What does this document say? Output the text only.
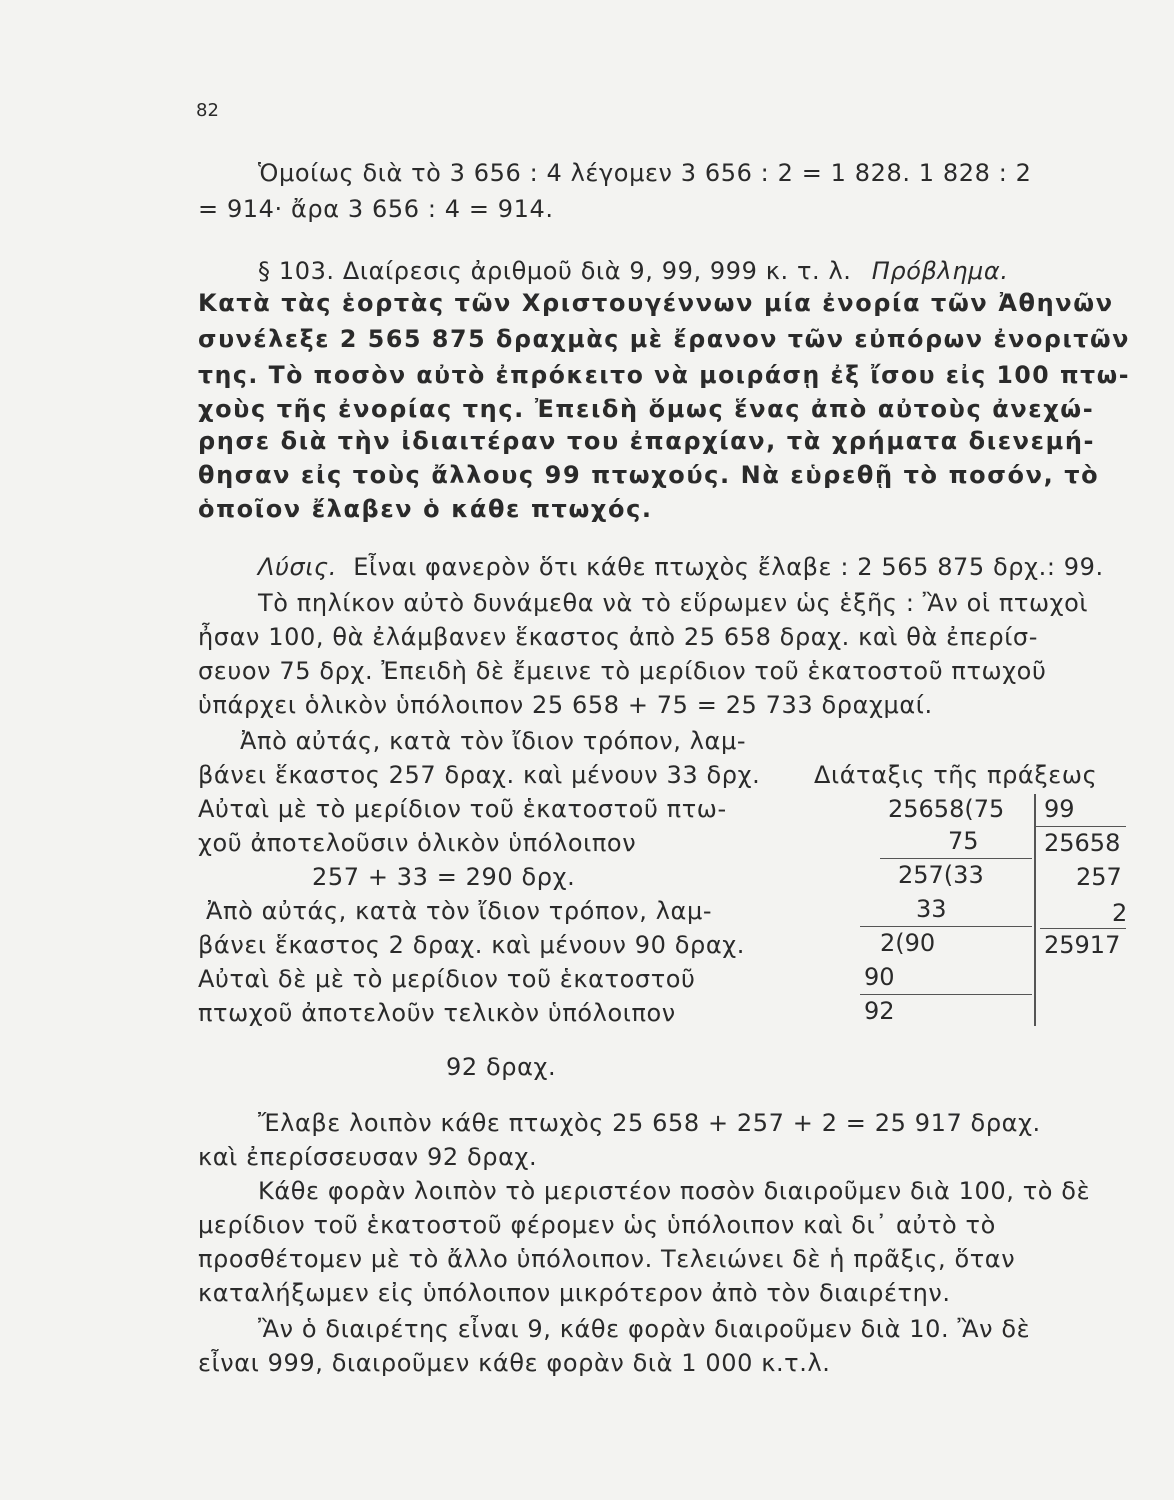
82
Ὁμοίως διὰ τὸ 3 656 : 4 λέγομεν 3 656 : 2 = 1 828. 1 828 : 2
= 914· ἄρα 3 656 : 4 = 914.
§ 103. Διαίρεσις ἀριθμοῦ διὰ 9, 99, 999 κ. τ. λ. Πρόβλημα.
Κατὰ τὰς ἑορτὰς τῶν Χριστουγέννων μία ἐνορία τῶν Ἀθηνῶν
συνέλεξε 2 565 875 δραχμὰς μὲ ἔρανον τῶν εὐπόρων ἐνοριτῶν
της. Τὸ ποσὸν αὐτὸ ἐπρόκειτο νὰ μοιράσῃ ἐξ ἴσου εἰς 100 πτω-
χοὺς τῆς ἐνορίας της. Ἐπειδὴ ὅμως ἕνας ἀπὸ αὐτοὺς ἀνεχώ-
ρησε διὰ τὴν ἰδιαιτέραν του ἐπαρχίαν, τὰ χρήματα διενεμή-
θησαν εἰς τοὺς ἄλλους 99 πτωχούς. Νὰ εὑρεθῇ τὸ ποσόν, τὸ
ὁποῖον ἔλαβεν ὁ κάθε πτωχός.
Λύσις. Εἶναι φανερὸν ὅτι κάθε πτωχὸς ἔλαβε : 2 565 875 δρχ.: 99.
Τὸ πηλίκον αὐτὸ δυνάμεθα νὰ τὸ εὕρωμεν ὡς ἑξῆς : Ἂν οἱ πτωχοὶ
ἦσαν 100, θὰ ἐλάμβανεν ἕκαστος ἀπὸ 25 658 δραχ. καὶ θὰ ἐπερίσ-
σευον 75 δρχ. Ἐπειδὴ δὲ ἔμεινε τὸ μερίδιον τοῦ ἑκατοστοῦ πτωχοῦ
ὑπάρχει ὁλικὸν ὑπόλοιπον 25 658 + 75 = 25 733 δραχμαί.
Ἀπὸ αὐτάς, κατὰ τὸν ἴδιον τρόπον, λαμ-
βάνει ἕκαστος 257 δραχ. καὶ μένουν 33 δρχ. Διάταξις τῆς πράξεως
Αὐταὶ μὲ τὸ μερίδιον τοῦ ἑκατοστοῦ πτω-
χοῦ ἀποτελοῦσιν ὁλικὸν ὑπόλοιπον
257 + 33 = 290 δρχ.
Ἀπὸ αὐτάς, κατὰ τὸν ἴδιον τρόπον, λαμ-
βάνει ἕκαστος 2 δραχ. καὶ μένουν 90 δραχ.
Αὐταὶ δὲ μὲ τὸ μερίδιον τοῦ ἑκατοστοῦ
πτωχοῦ ἀποτελοῦν τελικὸν ὑπόλοιπον
92 δραχ.
25658(75
75
257(33
33
2(90
90
92
99
25658
257
2
25917
Ἔλαβε λοιπὸν κάθε πτωχὸς 25 658 + 257 + 2 = 25 917 δραχ.
καὶ ἐπερίσσευσαν 92 δραχ.
Κάθε φορὰν λοιπὸν τὸ μεριστέον ποσὸν διαιροῦμεν διὰ 100, τὸ δὲ
μερίδιον τοῦ ἑκατοστοῦ φέρομεν ὡς ὑπόλοιπον καὶ δι᾽ αὐτὸ τὸ
προσθέτομεν μὲ τὸ ἄλλο ὑπόλοιπον. Τελειώνει δὲ ἡ πρᾶξις, ὅταν
καταλήξωμεν εἰς ὑπόλοιπον μικρότερον ἀπὸ τὸν διαιρέτην.
Ἂν ὁ διαιρέτης εἶναι 9, κάθε φορὰν διαιροῦμεν διὰ 10. Ἂν δὲ
εἶναι 999, διαιροῦμεν κάθε φορὰν διὰ 1 000 κ.τ.λ.
